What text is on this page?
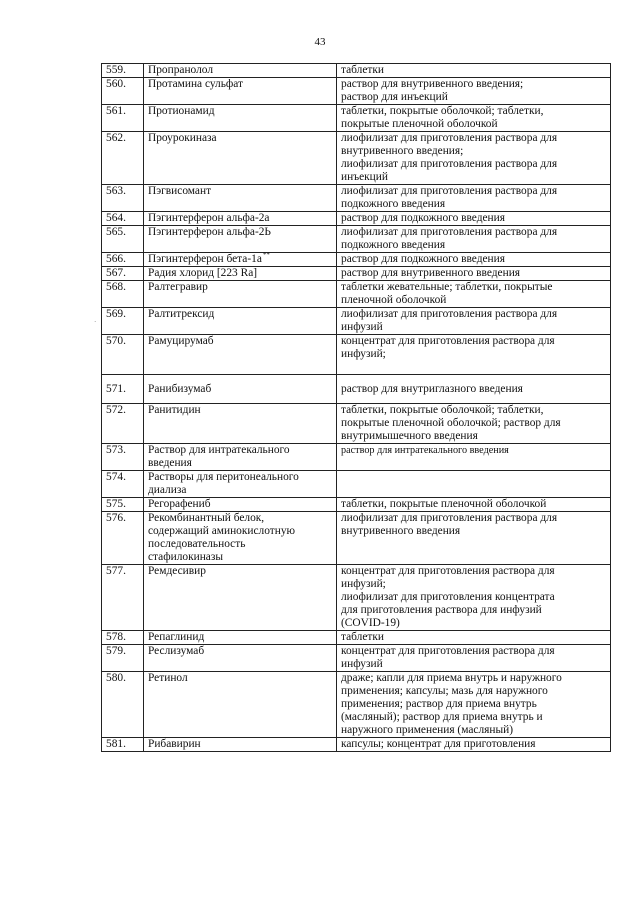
43
559.	Пропранолол	таблетки

560.	Протамина сульфат	раствор для внутривенного введения;
раствор для инъекций

561.	Протионамид	таблетки, покрытые оболочкой; таблетки,
покрытые пленочной оболочкой

562.	Проурокиназа	лиофилизат для приготовления раствора для
внутривенного введения;
лиофилизат для приготовления раствора для
инъекций

563.	Пэгвисомант	лиофилизат для приготовления раствора для
подкожного введения

564.	Пэгинтерферон альфа-2а	раствор для подкожного введения

565.	Пэгинтерферон альфа-2Ь	лиофилизат для приготовления раствора для
подкожного введения

566.	Пэгинтерферон бета-1а**	раствор для подкожного введения

567.	Радия хлорид [223 Ra]	раствор для внутривенного введения

568.	Ралтегравир	таблетки жевательные; таблетки, покрытые
пленочной оболочкой

569.	Ралтитрексид	лиофилизат для приготовления раствора для
инфузий

570.	Рамуцирумаб	концентрат для приготовления раствора для
инфузий;

571.	Ранибизумаб	раствор для внутриглазного введения

572.	Ранитидин	таблетки, покрытые оболочкой; таблетки,
покрытые пленочной оболочкой; раствор для
внутримышечного введения

573.	Раствор для интратекального
введения	раствор для интратекального введения

574.	Растворы для перитонеального
диализа	

575.	Регорафениб	таблетки, покрытые пленочной оболочкой

576.	Рекомбинантный белок,
содержащий аминокислотную
последовательность
стафилокиназы	лиофилизат для приготовления раствора для
внутривенного введения

577.	Ремдесивир	концентрат для приготовления раствора для
инфузий;
лиофилизат для приготовления концентрата
для приготовления раствора для инфузий
(COVID-19)

578.	Репаглинид	таблетки

579.	Реслизумаб	концентрат для приготовления раствора для
инфузий

580.	Ретинол	драже; капли для приема внутрь и наружного
применения; капсулы; мазь для наружного
применения; раствор для приема внутрь
(масляный); раствор для приема внутрь и
наружного применения (масляный)

581.	Рибавирин	капсулы; концентрат для приготовления
·
